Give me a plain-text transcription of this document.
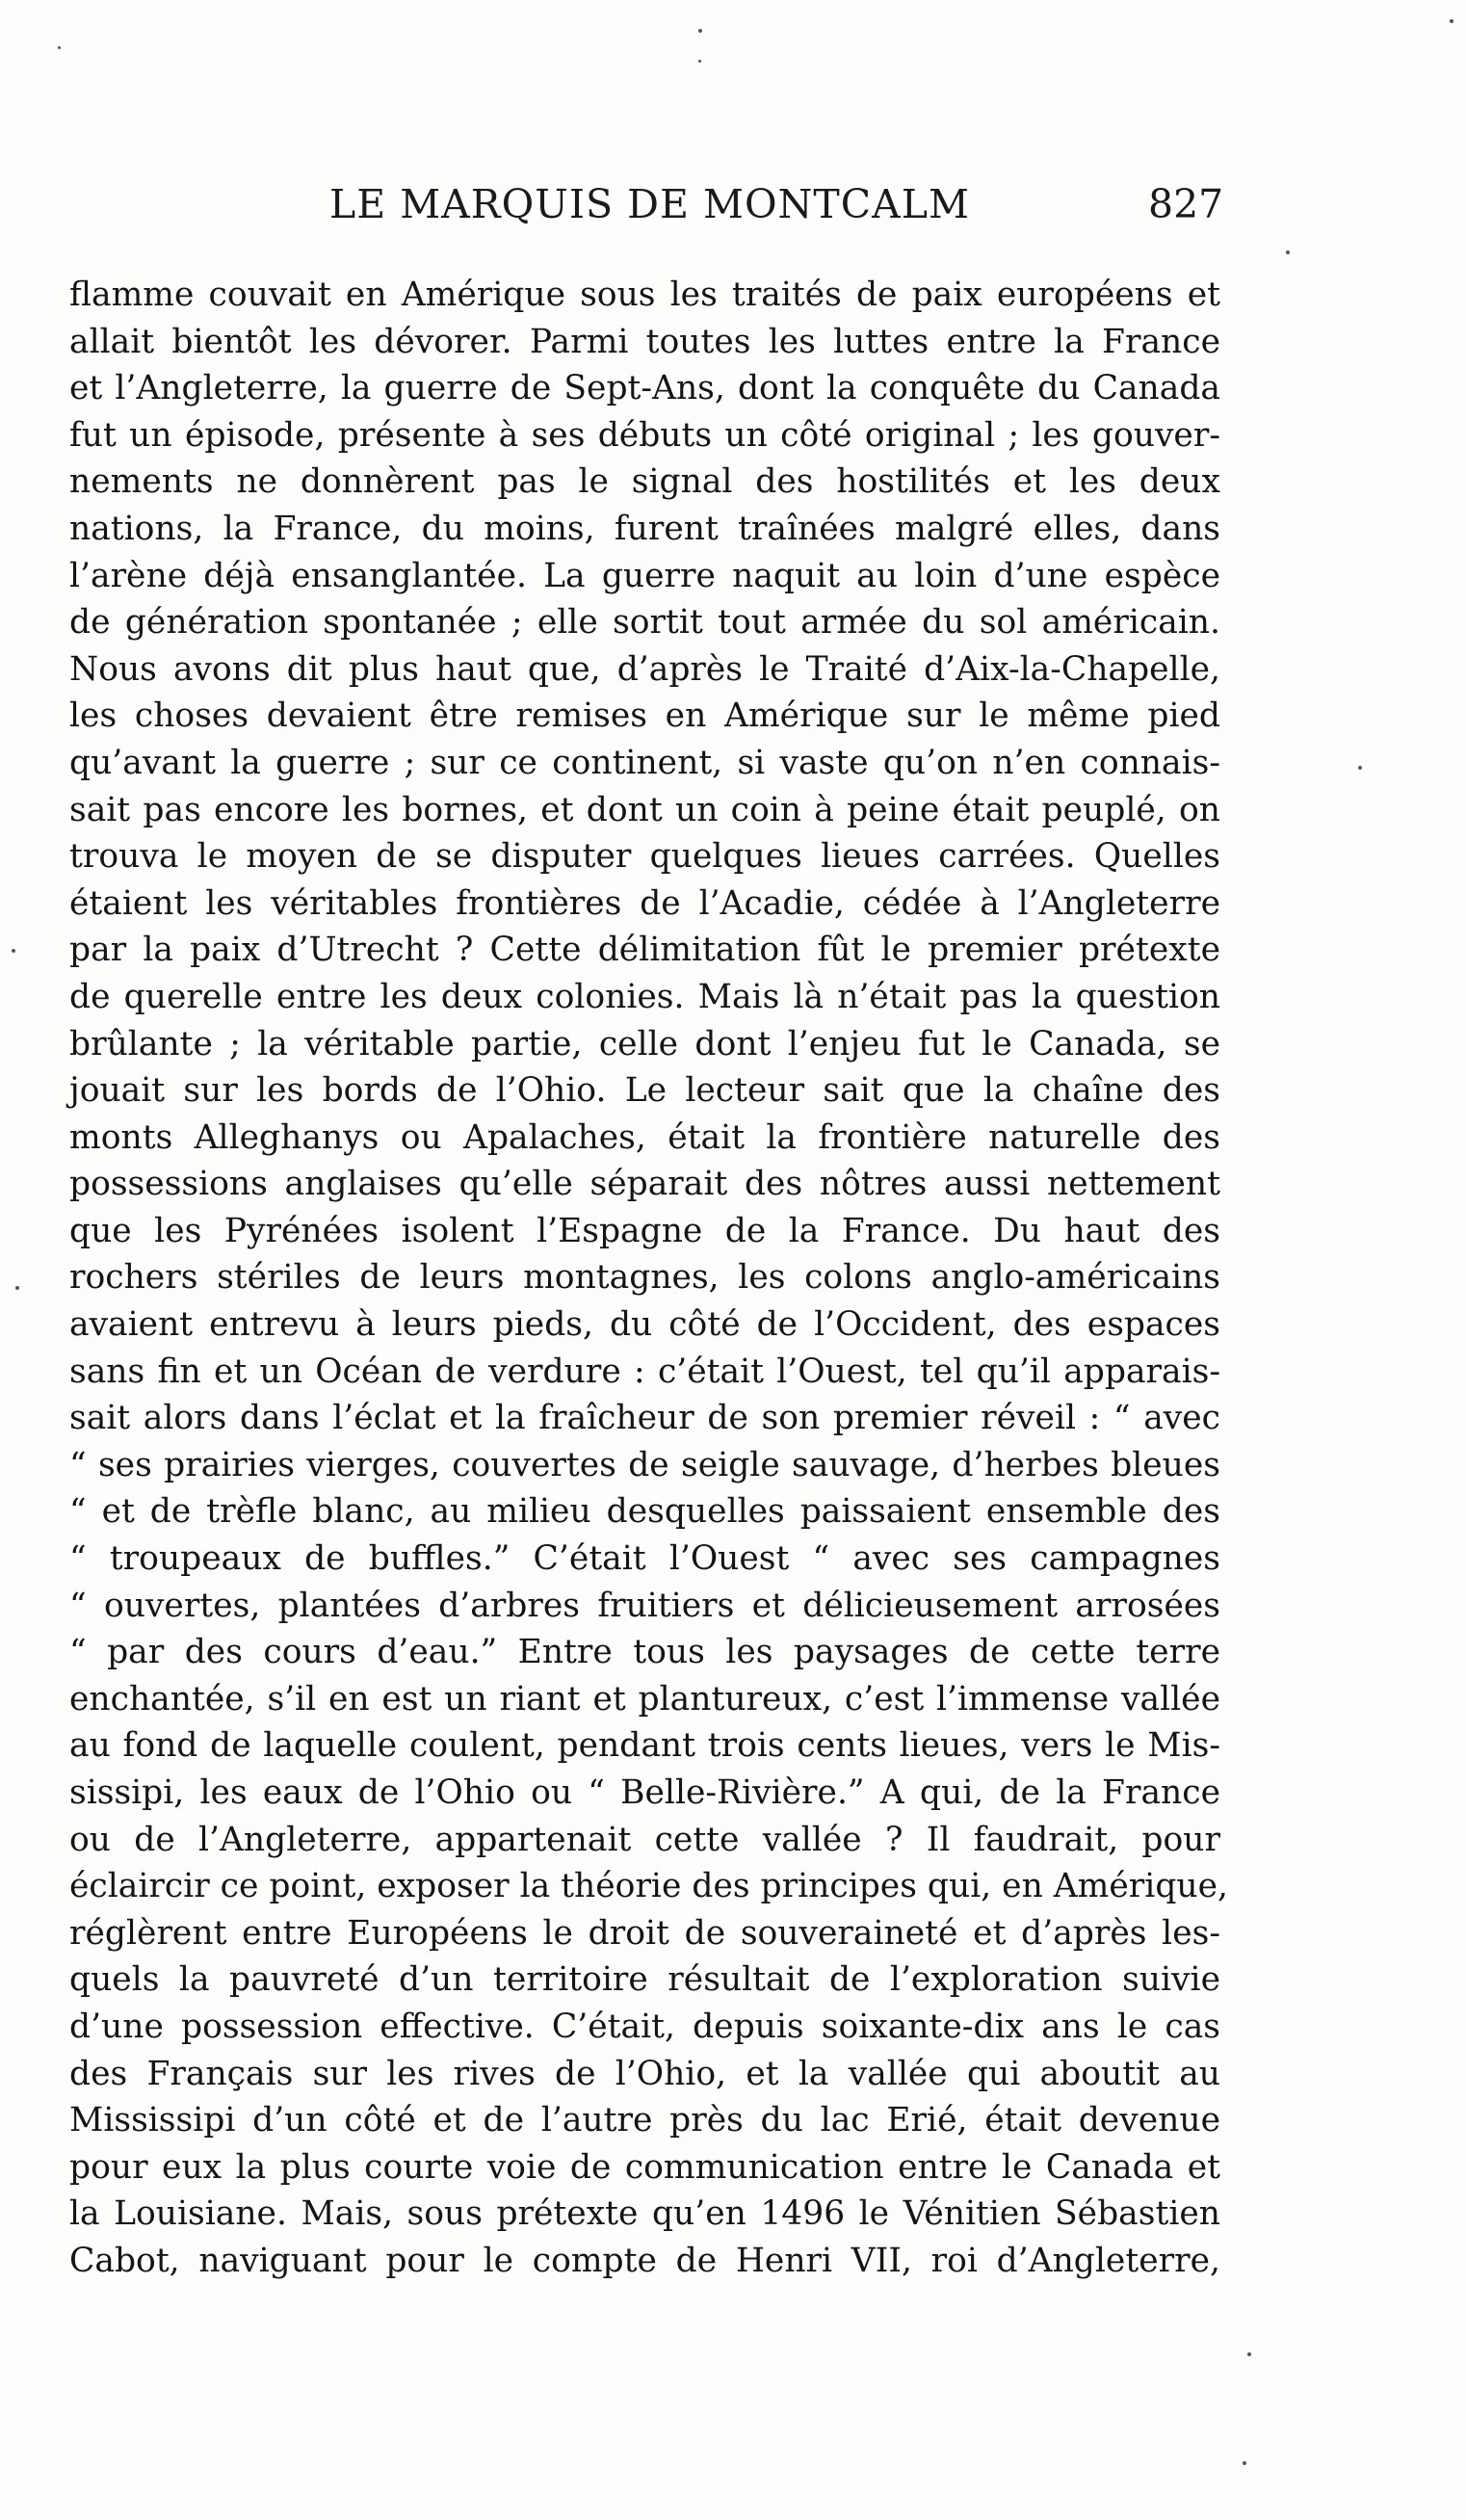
LE MARQUIS DE MONTCALM	827
flamme couvait en Amérique sous les traités de paix européens et
allait bientôt les dévorer. Parmi toutes les luttes entre la France
et l’Angleterre, la guerre de Sept-Ans, dont la conquête du Canada
fut un épisode, présente à ses débuts un côté original ; les gouver-
nements ne donnèrent pas le signal des hostilités et les deux
nations, la France, du moins, furent traînées malgré elles, dans
l’arène déjà ensanglantée. La guerre naquit au loin d’une espèce
de génération spontanée ; elle sortit tout armée du sol américain.
Nous avons dit plus haut que, d’après le Traité d’Aix-la-Chapelle,
les choses devaient être remises en Amérique sur le même pied
qu’avant la guerre ; sur ce continent, si vaste qu’on n’en connais-
sait pas encore les bornes, et dont un coin à peine était peuplé, on
trouva le moyen de se disputer quelques lieues carrées. Quelles
étaient les véritables frontières de l’Acadie, cédée à l’Angleterre
par la paix d’Utrecht ? Cette délimitation fût le premier prétexte
de querelle entre les deux colonies. Mais là n’était pas la question
brûlante ; la véritable partie, celle dont l’enjeu fut le Canada, se
jouait sur les bords de l’Ohio. Le lecteur sait que la chaîne des
monts Alleghanys ou Apalaches, était la frontière naturelle des
possessions anglaises qu’elle séparait des nôtres aussi nettement
que les Pyrénées isolent l’Espagne de la France. Du haut des
rochers stériles de leurs montagnes, les colons anglo-américains
avaient entrevu à leurs pieds, du côté de l’Occident, des espaces
sans fin et un Océan de verdure : c’était l’Ouest, tel qu’il apparais-
sait alors dans l’éclat et la fraîcheur de son premier réveil : “ avec
“ ses prairies vierges, couvertes de seigle sauvage, d’herbes bleues
“ et de trèfle blanc, au milieu desquelles paissaient ensemble des
“ troupeaux de buffles.” C’était l’Ouest “ avec ses campagnes
“ ouvertes, plantées d’arbres fruitiers et délicieusement arrosées
“ par des cours d’eau.” Entre tous les paysages de cette terre
enchantée, s’il en est un riant et plantureux, c’est l’immense vallée
au fond de laquelle coulent, pendant trois cents lieues, vers le Mis-
sissipi, les eaux de l’Ohio ou “ Belle-Rivière.” A qui, de la France
ou de l’Angleterre, appartenait cette vallée ? Il faudrait, pour
éclaircir ce point, exposer la théorie des principes qui, en Amérique,
réglèrent entre Européens le droit de souveraineté et d’après les-
quels la pauvreté d’un territoire résultait de l’exploration suivie
d’une possession effective. C’était, depuis soixante-dix ans le cas
des Français sur les rives de l’Ohio, et la vallée qui aboutit au
Mississipi d’un côté et de l’autre près du lac Erié, était devenue
pour eux la plus courte voie de communication entre le Canada et
la Louisiane. Mais, sous prétexte qu’en 1496 le Vénitien Sébastien
Cabot, naviguant pour le compte de Henri VII, roi d’Angleterre,
